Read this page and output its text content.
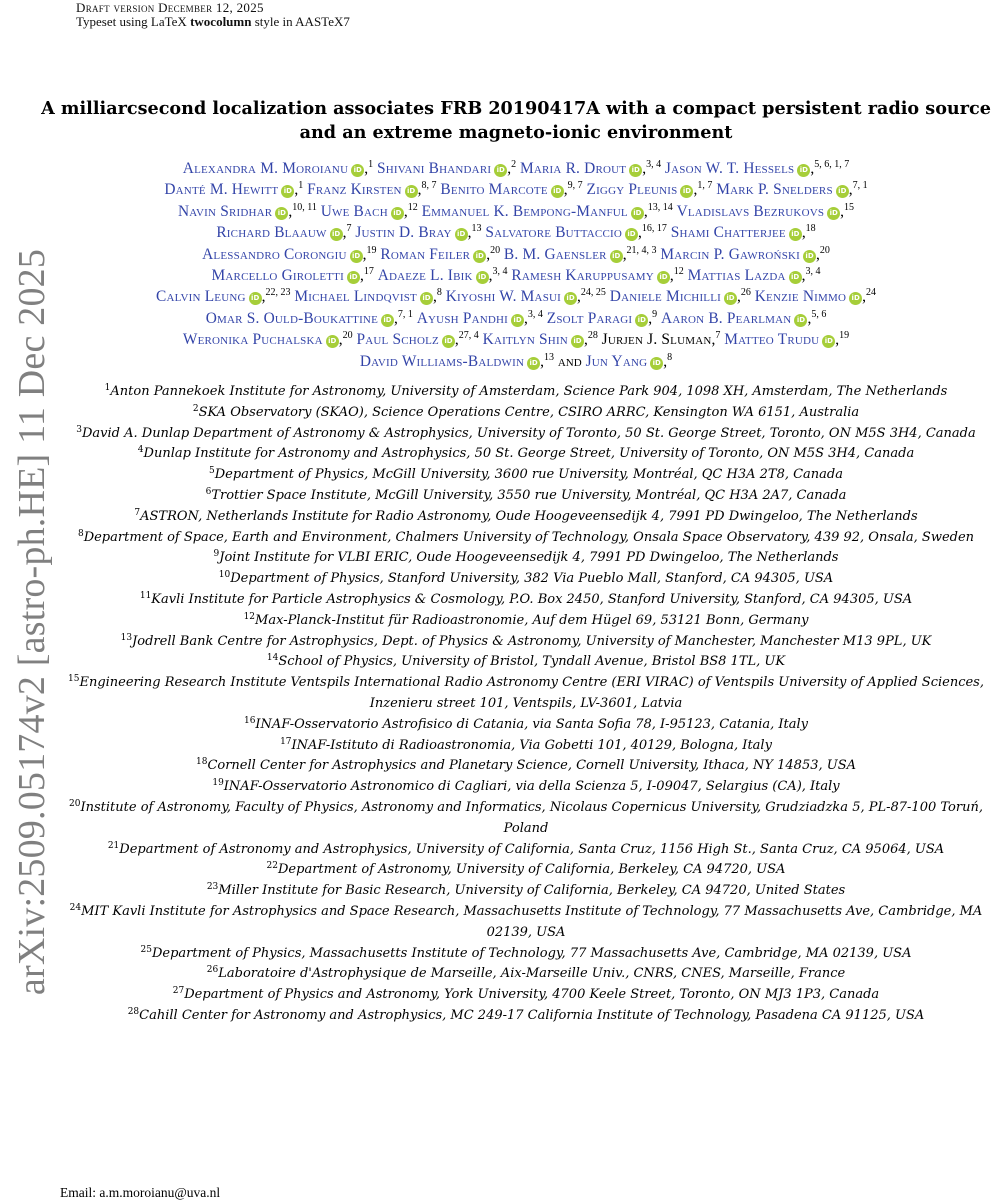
Draft version December 12, 2025
Typeset using LaTeX twocolumn style in AASTeX7
arXiv:2509.05174v2 [astro-ph.HE] 11 Dec 2025
A milliarcsecond localization associates FRB 20190417A with a compact persistent radio source and an extreme magneto-ionic environment
Alexandra M. Moroianu iD ,$^1$ Shivani Bhandari iD ,$^2$ Maria R. Drout iD ,$^{3, 4}$ Jason W. T. Hessels iD ,$^{5, 6, 1, 7}$
Danté M. Hewitt iD ,$^1$ Franz Kirsten iD ,$^{8, 7}$ Benito Marcote iD ,$^{9, 7}$ Ziggy Pleunis iD ,$^{1, 7}$ Mark P. Snelders iD ,$^{7, 1}$
Navin Sridhar iD ,$^{10, 11}$ Uwe Bach iD ,$^{12}$ Emmanuel K. Bempong-Manful iD ,$^{13, 14}$ Vladislavs Bezrukovs iD ,$^{15}$
Richard Blaauw iD ,$^7$ Justin D. Bray iD ,$^{13}$ Salvatore Buttaccio iD ,$^{16, 17}$ Shami Chatterjee iD ,$^{18}$
Alessandro Corongiu iD ,$^{19}$ Roman Feiler iD ,$^{20}$ B. M. Gaensler iD ,$^{21, 4, 3}$ Marcin P. Gawroński iD ,$^{20}$
Marcello Giroletti iD ,$^{17}$ Adaeze L. Ibik iD ,$^{3, 4}$ Ramesh Karuppusamy iD ,$^{12}$ Mattias Lazda iD ,$^{3, 4}$
Calvin Leung iD ,$^{22, 23}$ Michael Lindqvist iD ,$^8$ Kiyoshi W. Masui iD ,$^{24, 25}$ Daniele Michilli iD ,$^{26}$ Kenzie Nimmo iD ,$^{24}$
Omar S. Ould-Boukattine iD ,$^{7, 1}$ Ayush Pandhi iD ,$^{3, 4}$ Zsolt Paragi iD ,$^9$ Aaron B. Pearlman iD ,$^{5, 6}$
Weronika Puchalska iD ,$^{20}$ Paul Scholz iD ,$^{27, 4}$ Kaitlyn Shin iD ,$^{28}$ Jurjen J. Sluman,$^7$ Matteo Trudu iD ,$^{19}$
David Williams-Baldwin iD ,$^{13}$ and Jun Yang iD ,$^8$
$^1$Anton Pannekoek Institute for Astronomy, University of Amsterdam, Science Park 904, 1098 XH, Amsterdam, The Netherlands
$^2$SKA Observatory (SKAO), Science Operations Centre, CSIRO ARRC, Kensington WA 6151, Australia
$^3$David A. Dunlap Department of Astronomy & Astrophysics, University of Toronto, 50 St. George Street, Toronto, ON M5S 3H4, Canada
$^4$Dunlap Institute for Astronomy and Astrophysics, 50 St. George Street, University of Toronto, ON M5S 3H4, Canada
$^5$Department of Physics, McGill University, 3600 rue University, Montréal, QC H3A 2T8, Canada
$^6$Trottier Space Institute, McGill University, 3550 rue University, Montréal, QC H3A 2A7, Canada
$^7$ASTRON, Netherlands Institute for Radio Astronomy, Oude Hoogeveensedijk 4, 7991 PD Dwingeloo, The Netherlands
$^8$Department of Space, Earth and Environment, Chalmers University of Technology, Onsala Space Observatory, 439 92, Onsala, Sweden
$^9$Joint Institute for VLBI ERIC, Oude Hoogeveensedijk 4, 7991 PD Dwingeloo, The Netherlands
$^{10}$Department of Physics, Stanford University, 382 Via Pueblo Mall, Stanford, CA 94305, USA
$^{11}$Kavli Institute for Particle Astrophysics & Cosmology, P.O. Box 2450, Stanford University, Stanford, CA 94305, USA
$^{12}$Max-Planck-Institut für Radioastronomie, Auf dem Hügel 69, 53121 Bonn, Germany
$^{13}$Jodrell Bank Centre for Astrophysics, Dept. of Physics & Astronomy, University of Manchester, Manchester M13 9PL, UK
$^{14}$School of Physics, University of Bristol, Tyndall Avenue, Bristol BS8 1TL, UK
$^{15}$Engineering Research Institute Ventspils International Radio Astronomy Centre (ERI VIRAC) of Ventspils University of Applied Sciences, Inzenieru street 101, Ventspils, LV-3601, Latvia
$^{16}$INAF-Osservatorio Astrofisico di Catania, via Santa Sofia 78, I-95123, Catania, Italy
$^{17}$INAF-Istituto di Radioastronomia, Via Gobetti 101, 40129, Bologna, Italy
$^{18}$Cornell Center for Astrophysics and Planetary Science, Cornell University, Ithaca, NY 14853, USA
$^{19}$INAF-Osservatorio Astronomico di Cagliari, via della Scienza 5, I-09047, Selargius (CA), Italy
$^{20}$Institute of Astronomy, Faculty of Physics, Astronomy and Informatics, Nicolaus Copernicus University, Grudziadzka 5, PL-87-100 Toruń, Poland
$^{21}$Department of Astronomy and Astrophysics, University of California, Santa Cruz, 1156 High St., Santa Cruz, CA 95064, USA
$^{22}$Department of Astronomy, University of California, Berkeley, CA 94720, USA
$^{23}$Miller Institute for Basic Research, University of California, Berkeley, CA 94720, United States
$^{24}$MIT Kavli Institute for Astrophysics and Space Research, Massachusetts Institute of Technology, 77 Massachusetts Ave, Cambridge, MA 02139, USA
$^{25}$Department of Physics, Massachusetts Institute of Technology, 77 Massachusetts Ave, Cambridge, MA 02139, USA
$^{26}$Laboratoire d'Astrophysique de Marseille, Aix-Marseille Univ., CNRS, CNES, Marseille, France
$^{27}$Department of Physics and Astronomy, York University, 4700 Keele Street, Toronto, ON MJ3 1P3, Canada
$^{28}$Cahill Center for Astronomy and Astrophysics, MC 249-17 California Institute of Technology, Pasadena CA 91125, USA
Email: a.m.moroianu@uva.nl
